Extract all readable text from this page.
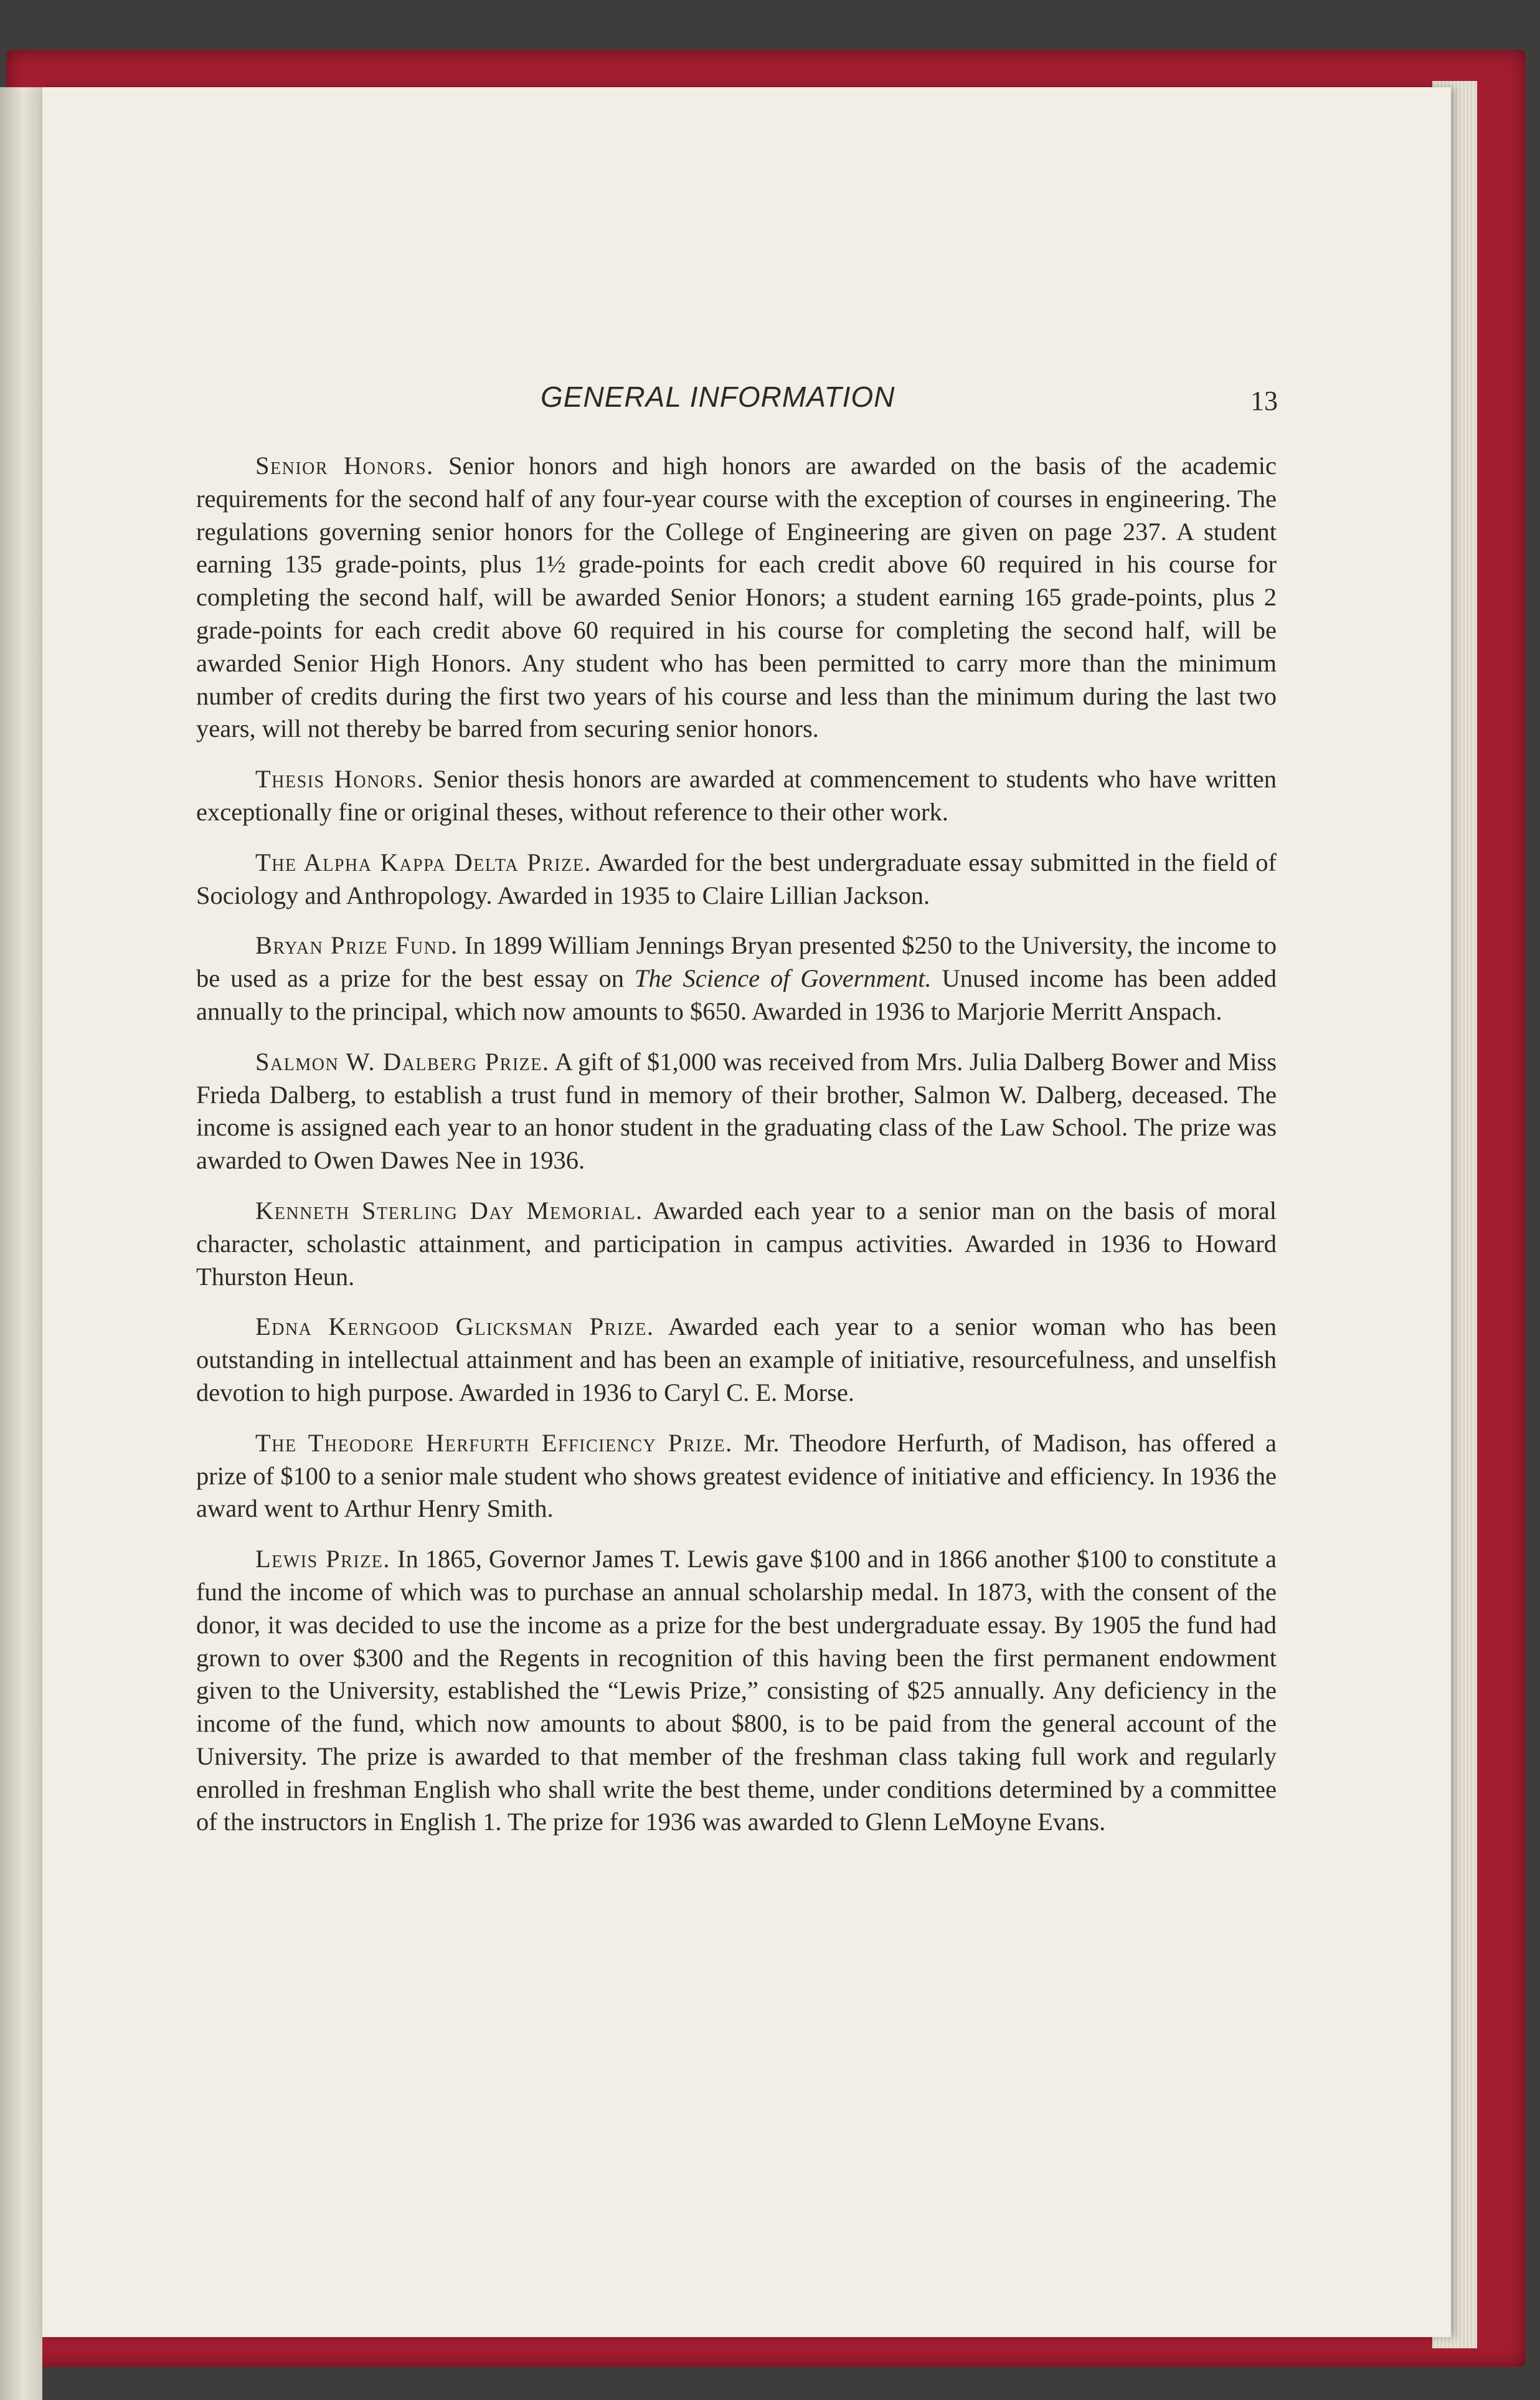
GENERAL INFORMATION	13

Senior Honors. Senior honors and high honors are awarded on the basis of the academic requirements for the second half of any four-year course with the exception of courses in engineering. The regulations governing senior honors for the College of Engineering are given on page 237. A student earning 135 grade-points, plus 1½ grade-points for each credit above 60 required in his course for completing the second half, will be awarded Senior Honors; a student earning 165 grade-points, plus 2 grade-points for each credit above 60 required in his course for completing the second half, will be awarded Senior High Honors. Any student who has been permitted to carry more than the minimum number of credits during the first two years of his course and less than the minimum during the last two years, will not thereby be barred from securing senior honors.

Thesis Honors. Senior thesis honors are awarded at commencement to students who have written exceptionally fine or original theses, without reference to their other work.

The Alpha Kappa Delta Prize. Awarded for the best undergraduate essay submitted in the field of Sociology and Anthropology. Awarded in 1935 to Claire Lillian Jackson.

Bryan Prize Fund. In 1899 William Jennings Bryan presented $250 to the University, the income to be used as a prize for the best essay on The Science of Government. Unused income has been added annually to the principal, which now amounts to $650. Awarded in 1936 to Marjorie Merritt Anspach.

Salmon W. Dalberg Prize. A gift of $1,000 was received from Mrs. Julia Dalberg Bower and Miss Frieda Dalberg, to establish a trust fund in memory of their brother, Salmon W. Dalberg, deceased. The income is assigned each year to an honor student in the graduating class of the Law School. The prize was awarded to Owen Dawes Nee in 1936.

Kenneth Sterling Day Memorial. Awarded each year to a senior man on the basis of moral character, scholastic attainment, and participation in campus activities. Awarded in 1936 to Howard Thurston Heun.

Edna Kerngood Glicksman Prize. Awarded each year to a senior woman who has been outstanding in intellectual attainment and has been an example of initiative, resourcefulness, and unselfish devotion to high purpose. Awarded in 1936 to Caryl C. E. Morse.

The Theodore Herfurth Efficiency Prize. Mr. Theodore Herfurth, of Madison, has offered a prize of $100 to a senior male student who shows greatest evidence of initiative and efficiency. In 1936 the award went to Arthur Henry Smith.

Lewis Prize. In 1865, Governor James T. Lewis gave $100 and in 1866 another $100 to constitute a fund the income of which was to purchase an annual scholarship medal. In 1873, with the consent of the donor, it was decided to use the income as a prize for the best undergraduate essay. By 1905 the fund had grown to over $300 and the Regents in recognition of this having been the first permanent endowment given to the University, established the “Lewis Prize,” consisting of $25 annually. Any deficiency in the income of the fund, which now amounts to about $800, is to be paid from the general account of the University. The prize is awarded to that member of the freshman class taking full work and regularly enrolled in freshman English who shall write the best theme, under conditions determined by a committee of the instructors in English 1. The prize for 1936 was awarded to Glenn LeMoyne Evans.
